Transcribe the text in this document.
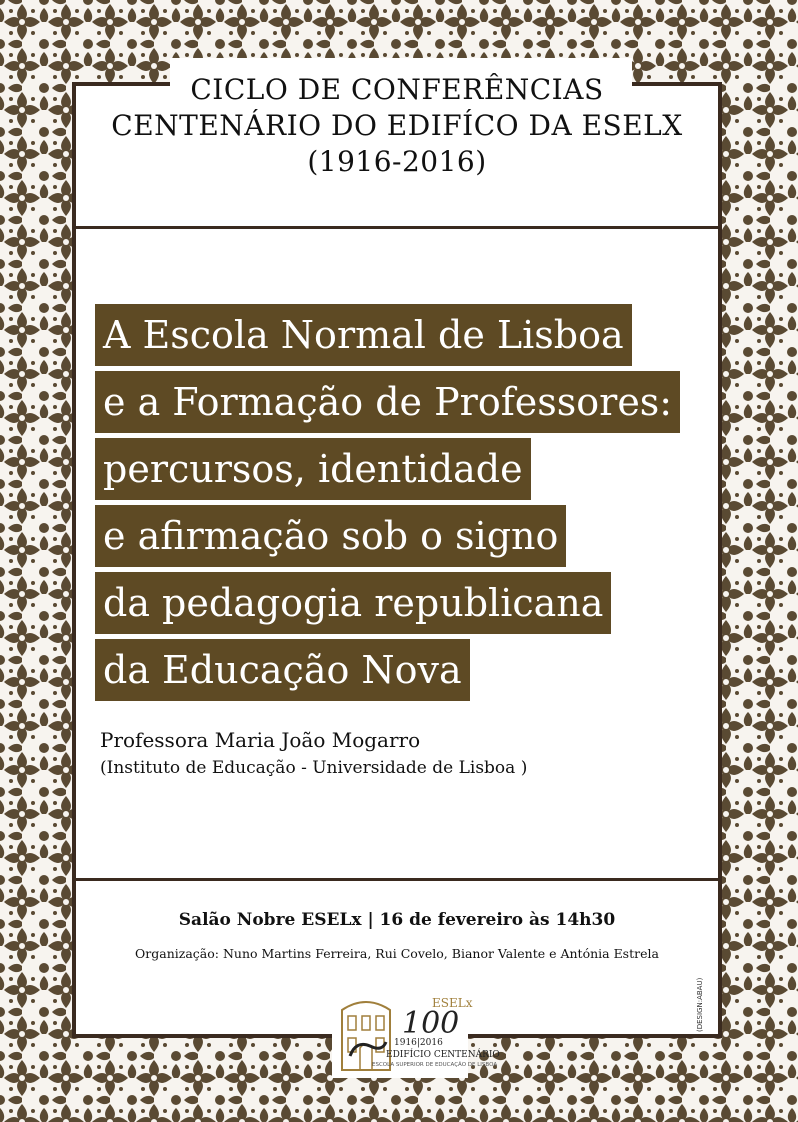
CICLO DE CONFERÊNCIAS
CENTENÁRIO DO EDIFÍCO DA ESELX
(1916-2016)
A Escola Normal de Lisboa
e a Formação de Professores:
percursos, identidade
e afirmação sob o signo
da pedagogia republicana
da Educação Nova
Professora Maria João Mogarro
(Instituto de Educação - Universidade de Lisboa )
Salão Nobre ESELx | 16 de fevereiro às 14h30
Organização: Nuno Martins Ferreira, Rui Covelo, Bianor Valente e Antónia Estrela
(DESIGN:ABAU)
ESELx
100
1916|2016
EDIFÍCIO CENTENÁRIO
ESCOLA SUPERIOR DE EDUCAÇÃO DE LISBOA
